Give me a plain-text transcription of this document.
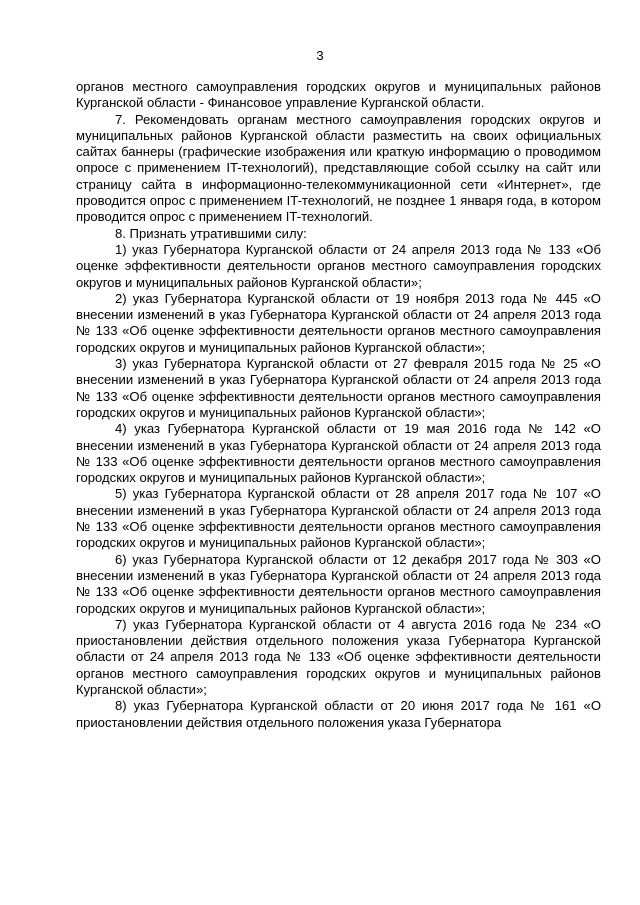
3

органов местного самоуправления городских округов и муниципальных районов Курганской области - Финансовое управление Курганской области.

7. Рекомендовать органам местного самоуправления городских округов и муниципальных районов Курганской области разместить на своих официальных сайтах баннеры (графические изображения или краткую информацию о проводимом опросе с применением IT-технологий), представляющие собой ссылку на сайт или страницу сайта в информационно-телекоммуникационной сети «Интернет», где проводится опрос с применением IT-технологий, не позднее 1 января года, в котором проводится опрос с применением IT-технологий.

8. Признать утратившими силу:

1) указ Губернатора Курганской области от 24 апреля 2013 года № 133 «Об оценке эффективности деятельности органов местного самоуправления городских округов и муниципальных районов Курганской области»;

2) указ Губернатора Курганской области от 19 ноября 2013 года № 445 «О внесении изменений в указ Губернатора Курганской области от 24 апреля 2013 года № 133 «Об оценке эффективности деятельности органов местного самоуправления городских округов и муниципальных районов Курганской области»;

3) указ Губернатора Курганской области от 27 февраля 2015 года № 25 «О внесении изменений в указ Губернатора Курганской области от 24 апреля 2013 года № 133 «Об оценке эффективности деятельности органов местного самоуправления городских округов и муниципальных районов Курганской области»;

4) указ Губернатора Курганской области от 19 мая 2016 года № 142 «О внесении изменений в указ Губернатора Курганской области от 24 апреля 2013 года № 133 «Об оценке эффективности деятельности органов местного самоуправления городских округов и муниципальных районов Курганской области»;

5) указ Губернатора Курганской области от 28 апреля 2017 года № 107 «О внесении изменений в указ Губернатора Курганской области от 24 апреля 2013 года № 133 «Об оценке эффективности деятельности органов местного самоуправления городских округов и муниципальных районов Курганской области»;

6) указ Губернатора Курганской области от 12 декабря 2017 года № 303 «О внесении изменений в указ Губернатора Курганской области от 24 апреля 2013 года № 133 «Об оценке эффективности деятельности органов местного самоуправления городских округов и муниципальных районов Курганской области»;

7) указ Губернатора Курганской области от 4 августа 2016 года № 234 «О приостановлении действия отдельного положения указа Губернатора Курганской области от 24 апреля 2013 года № 133 «Об оценке эффективности деятельности органов местного самоуправления городских округов и муниципальных районов Курганской области»;

8) указ Губернатора Курганской области от 20 июня 2017 года № 161 «О приостановлении действия отдельного положения указа Губернатора
